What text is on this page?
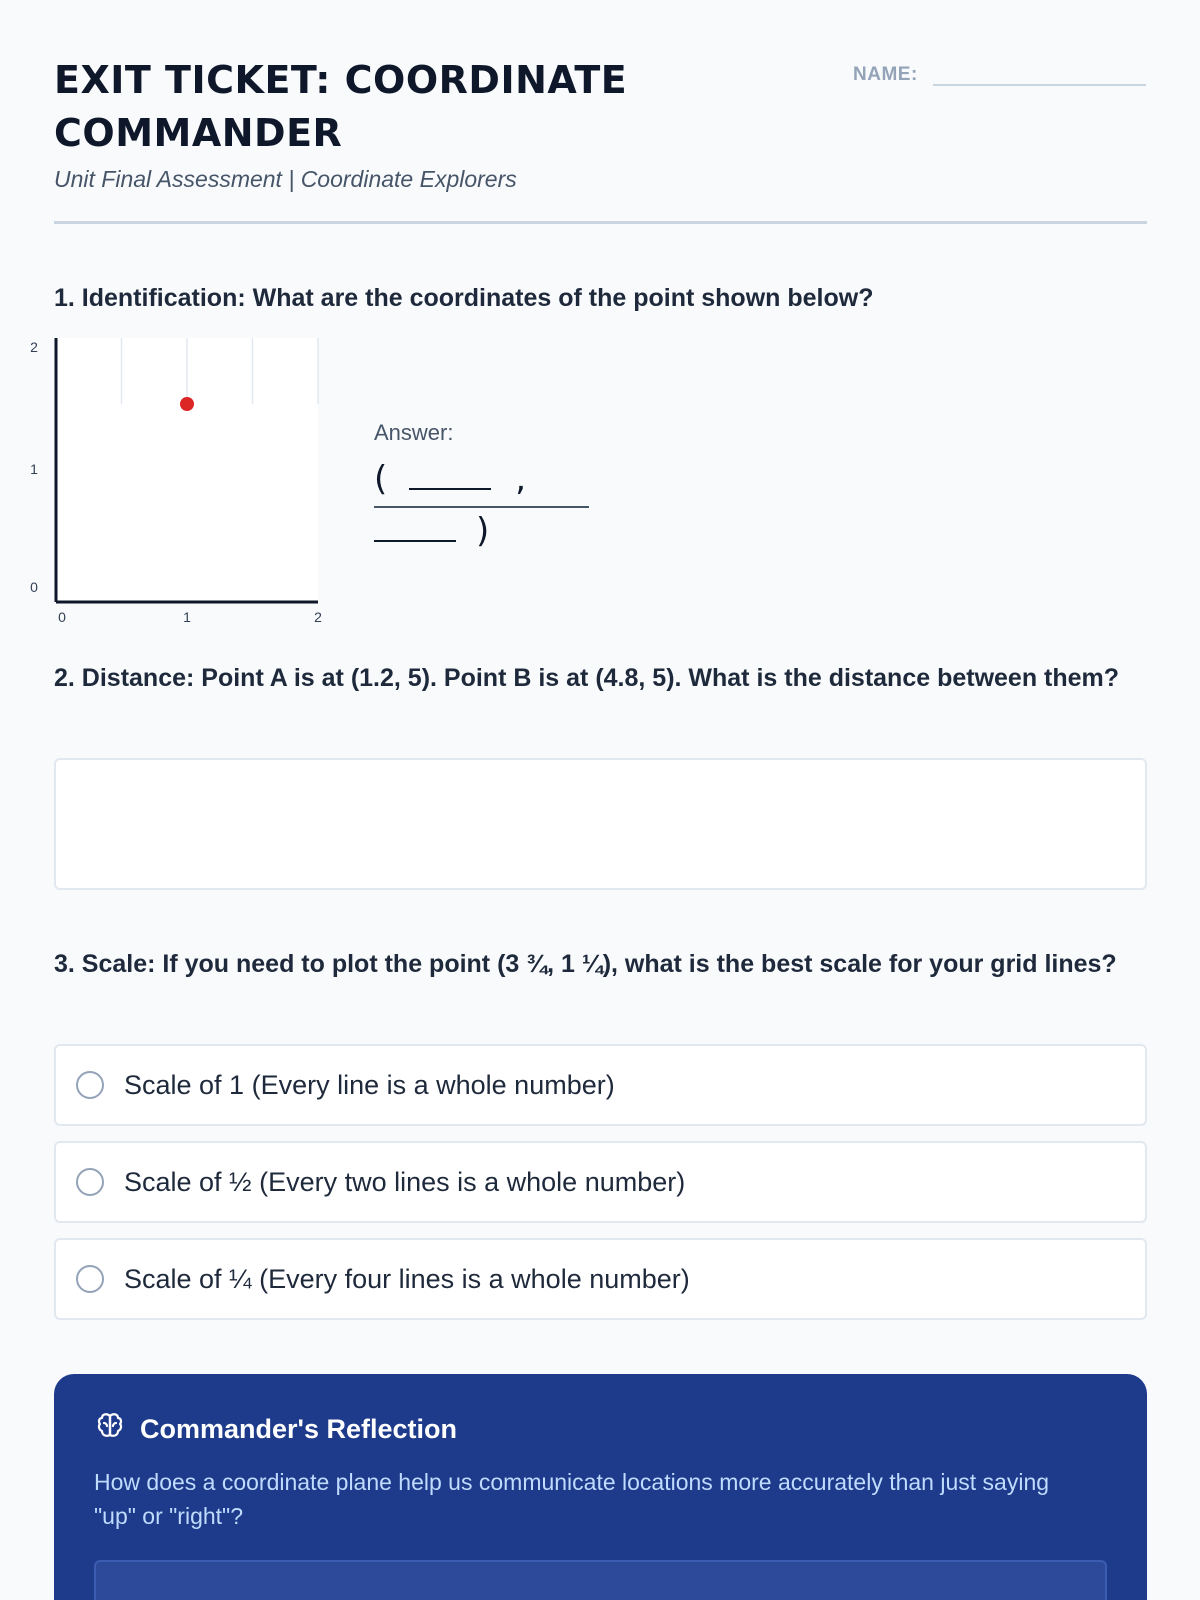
EXIT TICKET: COORDINATE COMMANDER
Unit Final Assessment | Coordinate Explorers
NAME:
1. Identification: What are the coordinates of the point shown below?
0	1	2
0
1
2
Answer:
(	,
)
2. Distance: Point A is at (1.2, 5). Point B is at (4.8, 5). What is the distance between them?
3. Scale: If you need to plot the point (3 ¾, 1 ¼), what is the best scale for your grid lines?
Scale of 1 (Every line is a whole number)
Scale of ½ (Every two lines is a whole number)
Scale of ¼ (Every four lines is a whole number)
Commander's Reflection
How does a coordinate plane help us communicate locations more accurately than just saying "up" or "right"?
